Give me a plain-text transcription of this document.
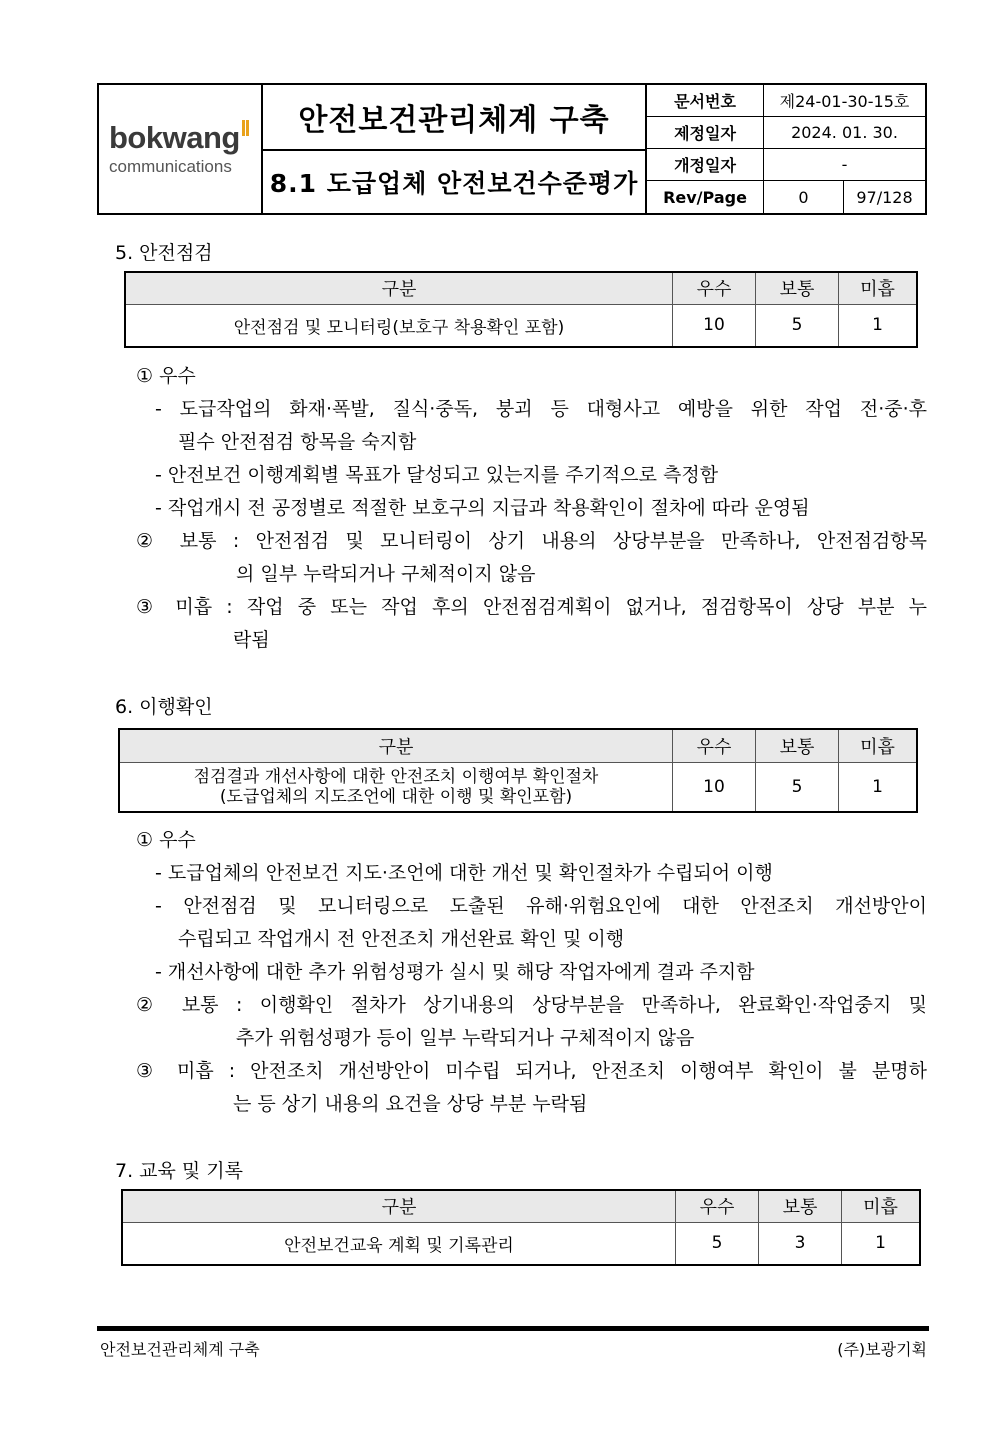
bokwang
communications
안전보건관리체계 구축
8.1 도급업체 안전보건수준평가
문서번호	제24-01-30-15호
제정일자	2024. 01. 30.
개정일자	-
Rev/Page	0	97/128
5. 안전점검
구분	우수	보통	미흡
안전점검 및 모니터링(보호구 착용확인 포함)	10	5	1
① 우수
- 도급작업의 화재·폭발, 질식·중독, 붕괴 등 대형사고 예방을 위한 작업 전·중·후
필수 안전점검 항목을 숙지함
- 안전보건 이행계획별 목표가 달성되고 있는지를 주기적으로 측정함
- 작업개시 전 공정별로 적절한 보호구의 지급과 착용확인이 절차에 따라 운영됨
② 보통 : 안전점검 및 모니터링이 상기 내용의 상당부분을 만족하나, 안전점검항목
의 일부 누락되거나 구체적이지 않음
③ 미흡 : 작업 중 또는 작업 후의 안전점검계획이 없거나, 점검항목이 상당 부분 누
락됨
6. 이행확인
구분	우수	보통	미흡

점검결과 개선사항에 대한 안전조치 이행여부 확인절차
(도급업체의 지도조언에 대한 이행 및 확인포함)	10	5	1
① 우수
- 도급업체의 안전보건 지도·조언에 대한 개선 및 확인절차가 수립되어 이행
- 안전점검 및 모니터링으로 도출된 유해·위험요인에 대한 안전조치 개선방안이
수립되고 작업개시 전 안전조치 개선완료 확인 및 이행
- 개선사항에 대한 추가 위험성평가 실시 및 해당 작업자에게 결과 주지함
② 보통 : 이행확인 절차가 상기내용의 상당부분을 만족하나, 완료확인·작업중지 및
추가 위험성평가 등이 일부 누락되거나 구체적이지 않음
③ 미흡 : 안전조치 개선방안이 미수립 되거나, 안전조치 이행여부 확인이 불 분명하
는 등 상기 내용의 요건을 상당 부분 누락됨
7. 교육 및 기록
구분	우수	보통	미흡
안전보건교육 계획 및 기록관리	5	3	1
안전보건관리체계 구축	(주)보광기획
